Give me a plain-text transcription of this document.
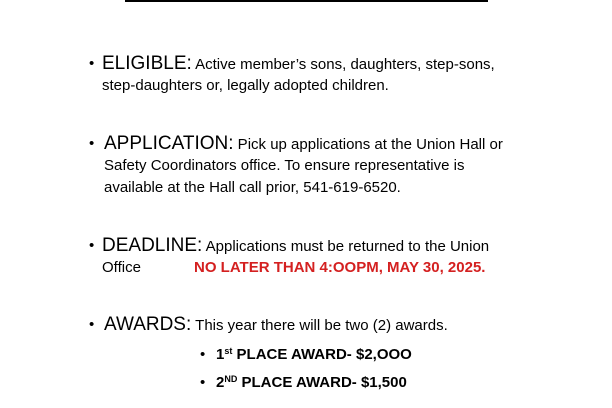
• ELIGIBLE: Active member’s sons, daughters, step-sons,
step-daughters or, legally adopted children.
• APPLICATION: Pick up applications at the Union Hall or
Safety Coordinators office. To ensure representative is
available at the Hall call prior, 541-619-6520.
• DEADLINE: Applications must be returned to the Union
Office	NO LATER THAN 4:OOPM, MAY 30, 2025.
• AWARDS: This year there will be two (2) awards.
• 1st PLACE AWARD- $2,OOO
• 2ND PLACE AWARD- $1,500
